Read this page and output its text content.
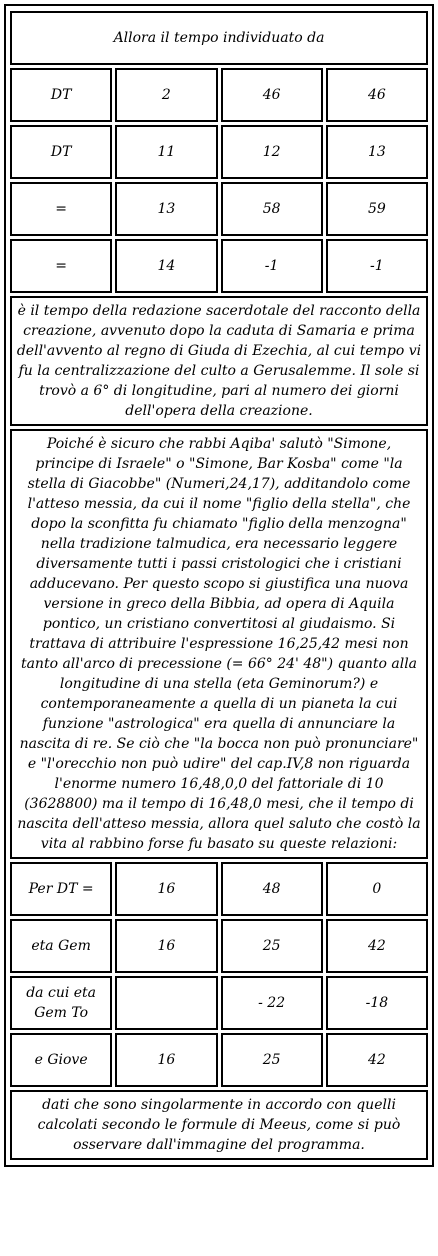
Allora il tempo individuato da			
DT	2	46	46
DT	11	12	13
=	13	58	59
=	14	-1	-1
è il tempo della redazione sacerdotale del racconto della creazione, avvenuto dopo la caduta di Samaria e prima dell'avvento al regno di Giuda di Ezechia, al cui tempo vi fu la centralizzazione del culto a Gerusalemme. Il sole si trovò a 6° di longitudine, pari al numero dei giorni dell'opera della creazione.			
Poiché è sicuro che rabbi Aqiba' salutò "Simone, principe di Israele" o "Simone, Bar Kosba" come "la stella di Giacobbe" (Numeri,24,17), additandolo come l'atteso messia, da cui il nome "figlio della stella", che dopo la sconfitta fu chiamato "figlio della menzogna" nella tradizione talmudica, era necessario leggere diversamente tutti i passi cristologici che i cristiani adducevano. Per questo scopo si giustifica una nuova versione in greco della Bibbia, ad opera di Aquila pontico, un cristiano convertitosi al giudaismo. Si trattava di attribuire l'espressione 16,25,42 mesi non tanto all'arco di precessione (= 66° 24' 48") quanto alla longitudine di una stella (eta Geminorum?) e contemporaneamente a quella di un pianeta la cui funzione "astrologica" era quella di annunciare la nascita di re. Se ciò che "la bocca non può pronunciare" e "l'orecchio non può udire" del cap.IV,8 non riguarda l'enorme numero 16,48,0,0 del fattoriale di 10 (3628800) ma il tempo di 16,48,0 mesi, che il tempo di nascita dell'atteso messia, allora quel saluto che costò la vita al rabbino forse fu basato su queste relazioni:			
Per DT =	16	48	0
eta Gem	16	25	42
da cui eta Gem To		- 22	-18
e Giove	16	25	42
dati che sono singolarmente in accordo con quelli calcolati secondo le formule di Meeus, come si può osservare dall'immagine del programma.			
